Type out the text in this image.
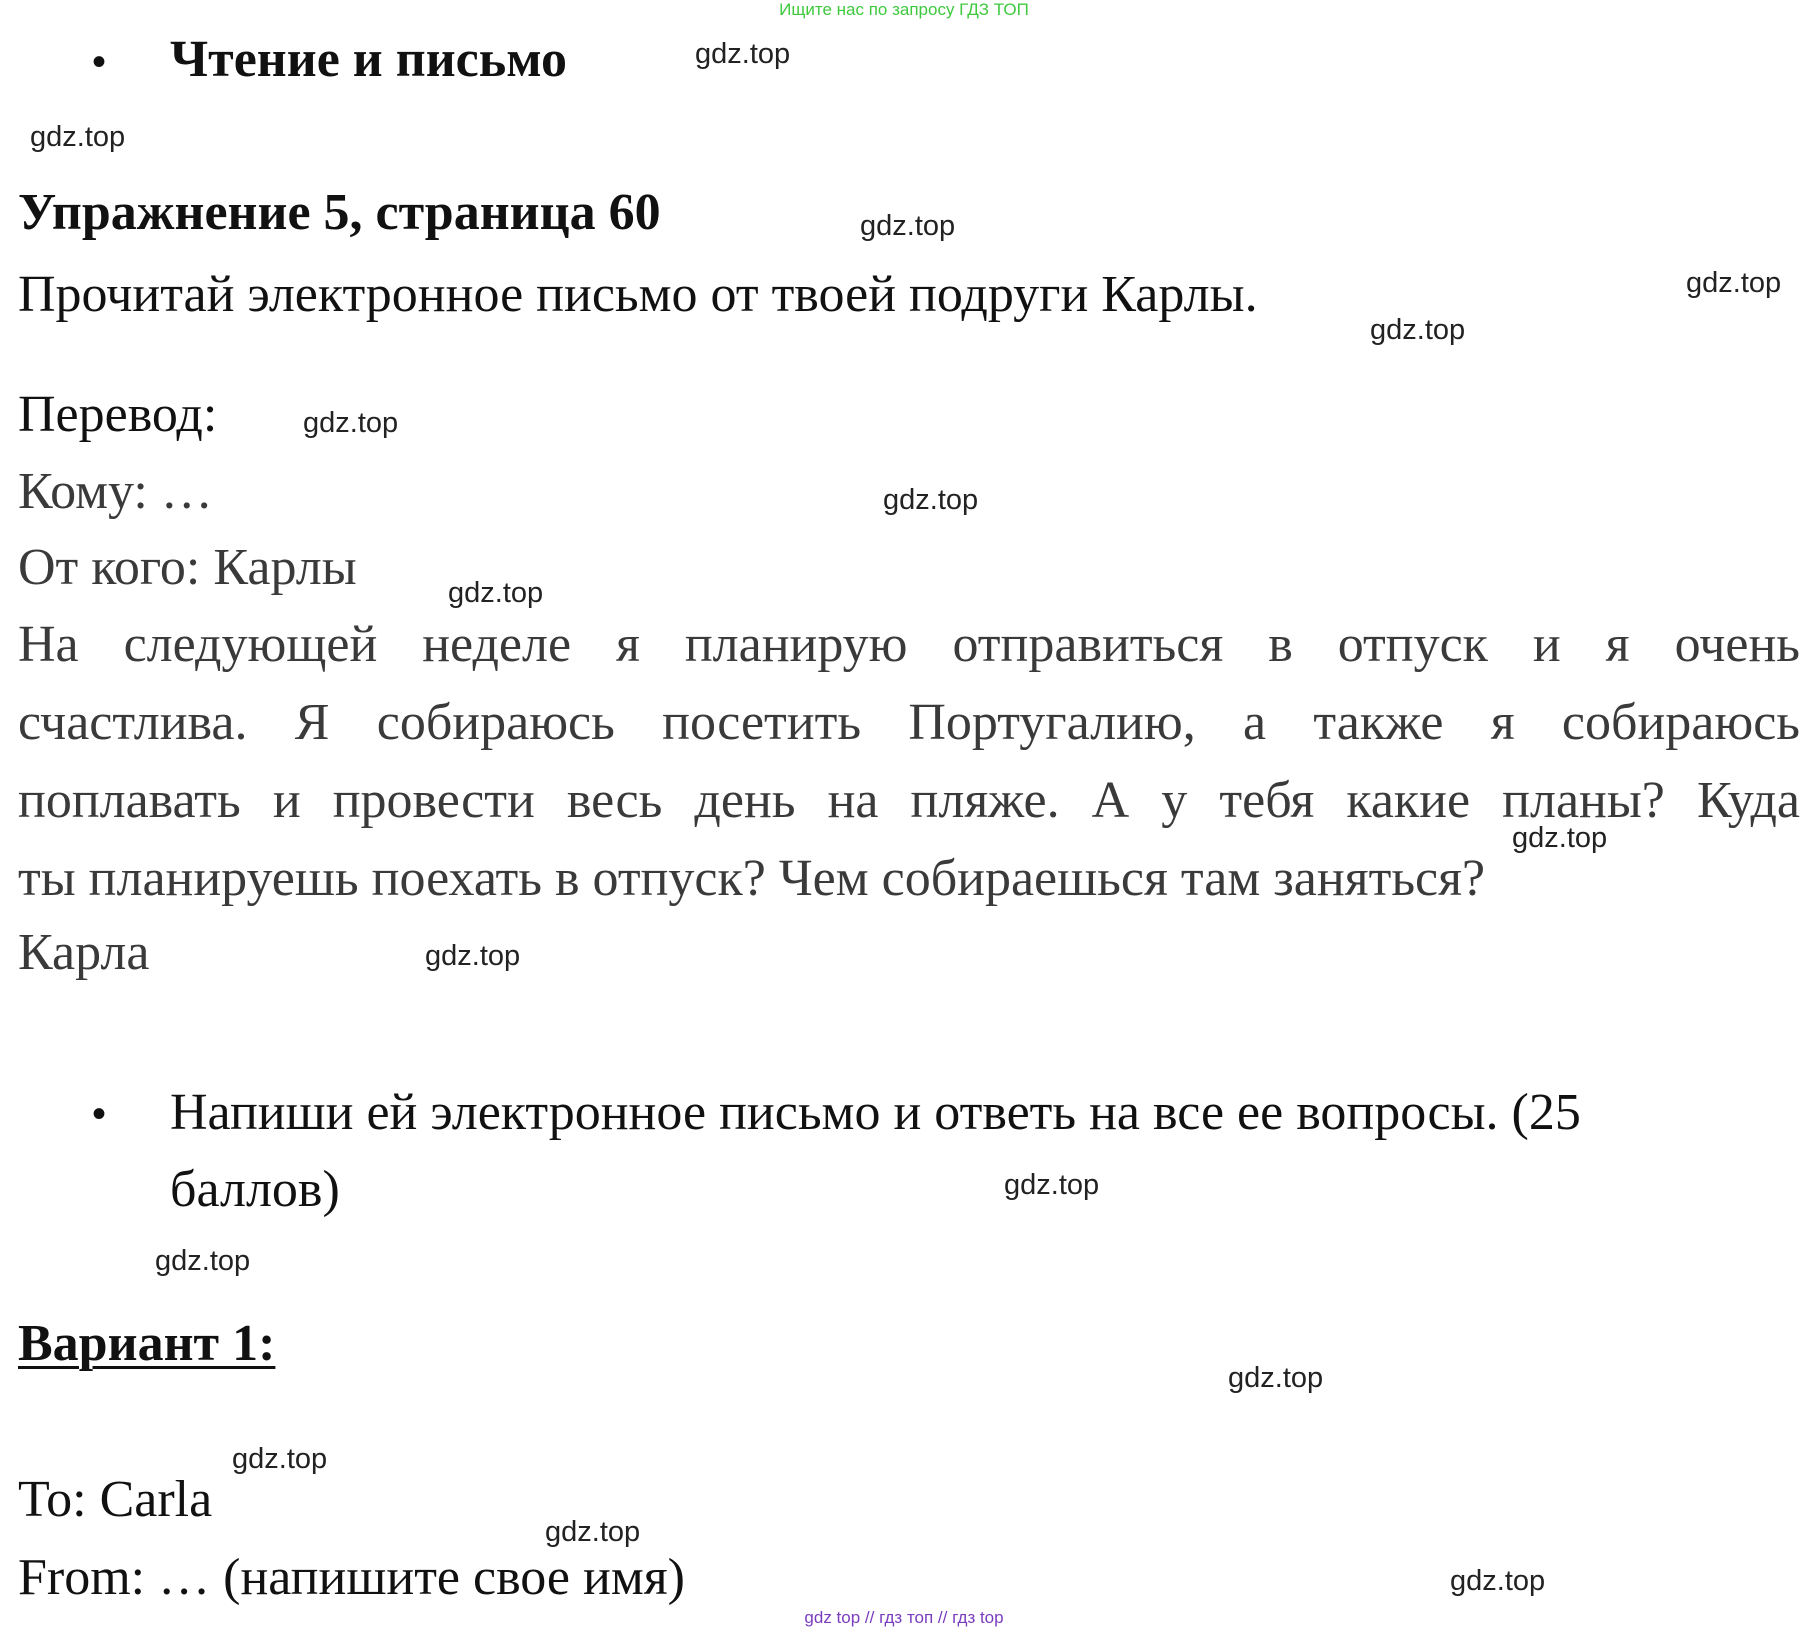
Ищите нас по запросу ГДЗ ТОП
• Чтение и письмо
Упражнение 5, страница 60
Прочитай электронное письмо от твоей подруги Карлы.
Перевод:
Кому: …
От кого: Карлы
На следующей неделе я планирую отправиться в отпуск и я очень
счастлива. Я собираюсь посетить Португалию, а также я собираюсь
поплавать и провести весь день на пляже. А у тебя какие планы? Куда
ты планируешь поехать в отпуск? Чем собираешься там заняться?
Карла
• Напиши ей электронное письмо и ответь на все ее вопросы. (25
баллов)
Вариант 1:
To: Carla
From: … (напишите свое имя)
gdz.top
gdz.top
gdz.top
gdz.top
gdz.top
gdz.top
gdz.top
gdz.top
gdz.top
gdz.top
gdz.top
gdz.top
gdz.top
gdz.top
gdz.top
gdz.top
gdz top // гдз топ // гдз top
